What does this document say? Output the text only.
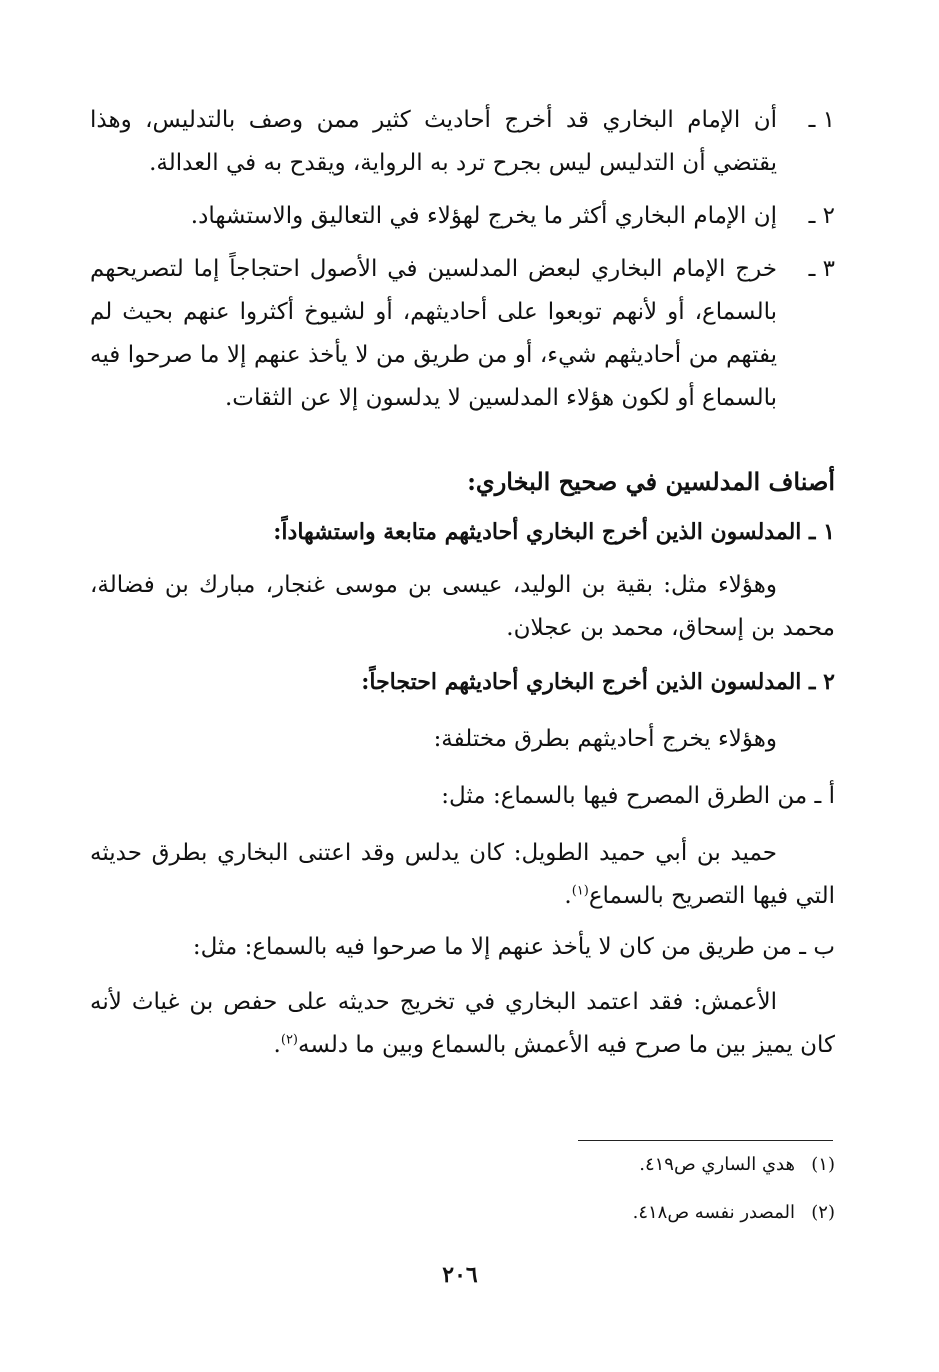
١ ـ
أن الإمام البخاري قد أخرج أحاديث كثير ممن وصف بالتدليس، وهذا يقتضي أن التدليس ليس بجرح ترد به الرواية، ويقدح به في العدالة.
٢ ـ
إن الإمام البخاري أكثر ما يخرج لهؤلاء في التعاليق والاستشهاد.
٣ ـ
خرج الإمام البخاري لبعض المدلسين في الأصول احتجاجاً إما لتصريحهم بالسماع، أو لأنهم توبعوا على أحاديثهم، أو لشيوخ أكثروا عنهم بحيث لم يفتهم من أحاديثهم شيء، أو من طريق من لا يأخذ عنهم إلا ما صرحوا فيه بالسماع أو لكون هؤلاء المدلسين لا يدلسون إلا عن الثقات.
أصناف المدلسين في صحيح البخاري:
١ ـ المدلسون الذين أخرج البخاري أحاديثهم متابعة واستشهاداً:
وهؤلاء مثل: بقية بن الوليد، عيسى بن موسى غنجار، مبارك بن فضالة، محمد بن إسحاق، محمد بن عجلان.
٢ ـ المدلسون الذين أخرج البخاري أحاديثهم احتجاجاً:
وهؤلاء يخرج أحاديثهم بطرق مختلفة:
أ ـ من الطرق المصرح فيها بالسماع: مثل:
حميد بن أبي حميد الطويل: كان يدلس وقد اعتنى البخاري بطرق حديثه التي فيها التصريح بالسماع$^{(١)}$.
ب ـ من طريق من كان لا يأخذ عنهم إلا ما صرحوا فيه بالسماع: مثل:
الأعمش: فقد اعتمد البخاري في تخريج حديثه على حفص بن غياث لأنه كان يميز بين ما صرح فيه الأعمش بالسماع وبين ما دلسه$^{(٢)}$.
(١)
هدي الساري ص٤١٩.
(٢)
المصدر نفسه ص٤١٨.
٢٠٦
